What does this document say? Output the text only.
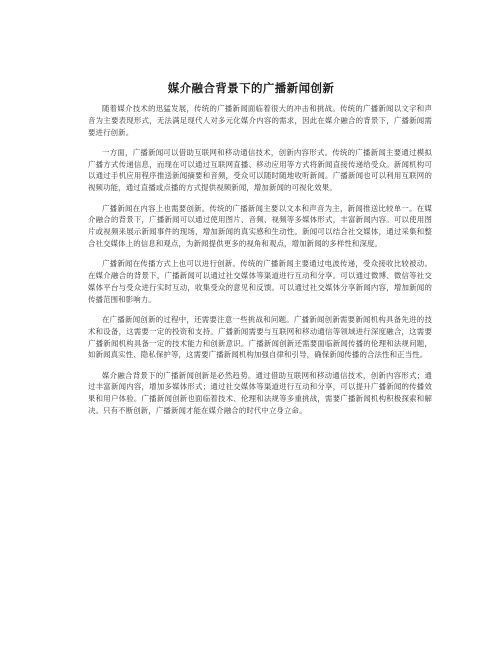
媒介融合背景下的广播新闻创新

随着媒介技术的迅猛发展，传统的广播新闻面临着很大的冲击和挑战。传统的广播新闻以文字和声音为主要表现形式，无法满足现代人对多元化媒介内容的需求，因此在媒介融合的背景下，广播新闻需要进行创新。

一方面，广播新闻可以借助互联网和移动通信技术，创新内容形式。传统的广播新闻主要通过模拟广播方式传递信息，而现在可以通过互联网直播、移动应用等方式将新闻直接传递给受众。新闻机构可以通过手机应用程序推送新闻摘要和音频，受众可以随时随地收听新闻。广播新闻也可以利用互联网的视频功能，通过直播或点播的方式提供视频新闻，增加新闻的可视化效果。

广播新闻在内容上也需要创新。传统的广播新闻主要以文本和声音为主，新闻推送比较单一。在媒介融合的背景下，广播新闻可以通过使用图片、音频、视频等多媒体形式，丰富新闻内容。可以使用图片或视频来展示新闻事件的现场，增加新闻的真实感和生动性。新闻可以结合社交媒体，通过采集和整合社交媒体上的信息和观点，为新闻提供更多的视角和观点，增加新闻的多样性和深度。

广播新闻在传播方式上也可以进行创新。传统的广播新闻主要通过电波传递，受众接收比较被动。在媒介融合的背景下，广播新闻可以通过社交媒体等渠道进行互动和分享。可以通过微博、微信等社交媒体平台与受众进行实时互动，收集受众的意见和反馈。可以通过社交媒体分享新闻内容，增加新闻的传播范围和影响力。

在广播新闻创新的过程中，还需要注意一些挑战和问题。广播新闻创新需要新闻机构具备先进的技术和设备，这需要一定的投资和支持。广播新闻需要与互联网和移动通信等领域进行深度融合，这需要广播新闻机构具备一定的技术能力和创新意识。广播新闻创新还需要面临新闻传播的伦理和法规问题，如新闻真实性、隐私保护等，这需要广播新闻机构加强自律和引导，确保新闻传播的合法性和正当性。

媒介融合背景下的广播新闻创新是必然趋势。通过借助互联网和移动通信技术，创新内容形式；通过丰富新闻内容，增加多媒体形式；通过社交媒体等渠道进行互动和分享，可以提升广播新闻的传播效果和用户体验。广播新闻创新也面临着技术、伦理和法规等多重挑战，需要广播新闻机构积极探索和解决。只有不断创新，广播新闻才能在媒介融合的时代中立身立命。
